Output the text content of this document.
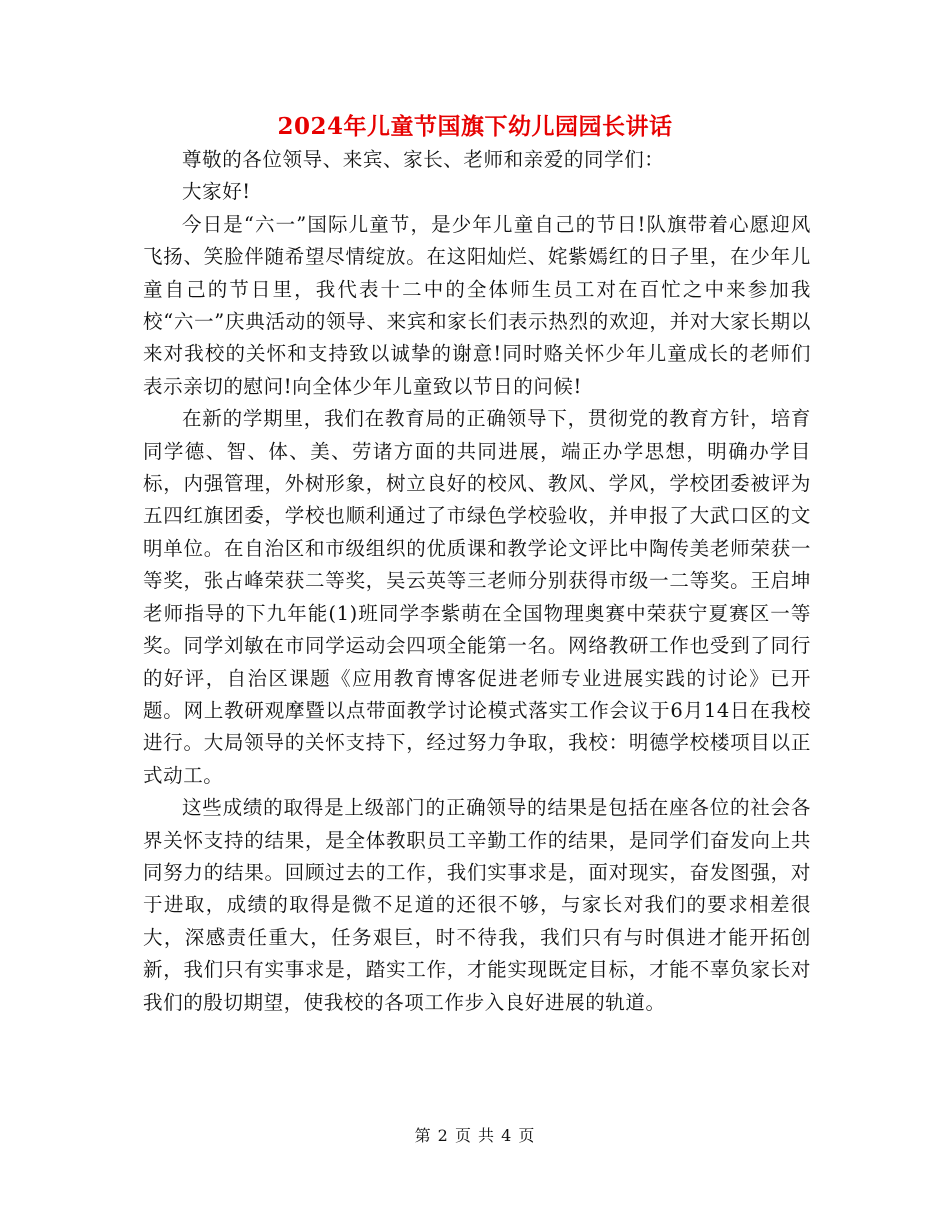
2024年儿童节国旗下幼儿园园长讲话

尊敬的各位领导、来宾、家长、老师和亲爱的同学们：

大家好!

今日是“六一”国际儿童节，是少年儿童自己的节日!队旗带着心愿迎风飞扬、笑脸伴随希望尽情绽放。在这阳灿烂、姹紫嫣红的日子里，在少年儿童自己的节日里，我代表十二中的全体师生员工对在百忙之中来参加我校“六一”庆典活动的领导、来宾和家长们表示热烈的欢迎，并对大家长期以来对我校的关怀和支持致以诚挚的谢意!同时赂关怀少年儿童成长的老师们表示亲切的慰问!向全体少年儿童致以节日的问候!

在新的学期里，我们在教育局的正确领导下，贯彻党的教育方针，培育同学德、智、体、美、劳诸方面的共同进展，端正办学思想，明确办学目标，内强管理，外树形象，树立良好的校风、教风、学风，学校团委被评为五四红旗团委，学校也顺利通过了市绿色学校验收，并申报了大武口区的文明单位。在自治区和市级组织的优质课和教学论文评比中陶传美老师荣获一等奖，张占峰荣获二等奖，吴云英等三老师分别获得市级一二等奖。王启坤老师指导的下九年能(1)班同学李紫萌在全国物理奥赛中荣获宁夏赛区一等奖。同学刘敏在市同学运动会四项全能第一名。网络教研工作也受到了同行的好评，自治区课题《应用教育博客促进老师专业进展实践的讨论》已开题。网上教研观摩暨以点带面教学讨论模式落实工作会议于6月14日在我校进行。大局领导的关怀支持下，经过努力争取，我校：明德学校楼项目以正式动工。

这些成绩的取得是上级部门的正确领导的结果是包括在座各位的社会各界关怀支持的结果，是全体教职员工辛勤工作的结果，是同学们奋发向上共同努力的结果。回顾过去的工作，我们实事求是，面对现实，奋发图强，对于进取，成绩的取得是微不足道的还很不够，与家长对我们的要求相差很大，深感责任重大，任务艰巨，时不待我，我们只有与时俱进才能开拓创新，我们只有实事求是，踏实工作，才能实现既定目标，才能不辜负家长对我们的殷切期望，使我校的各项工作步入良好进展的轨道。

第 2 页 共 4 页
